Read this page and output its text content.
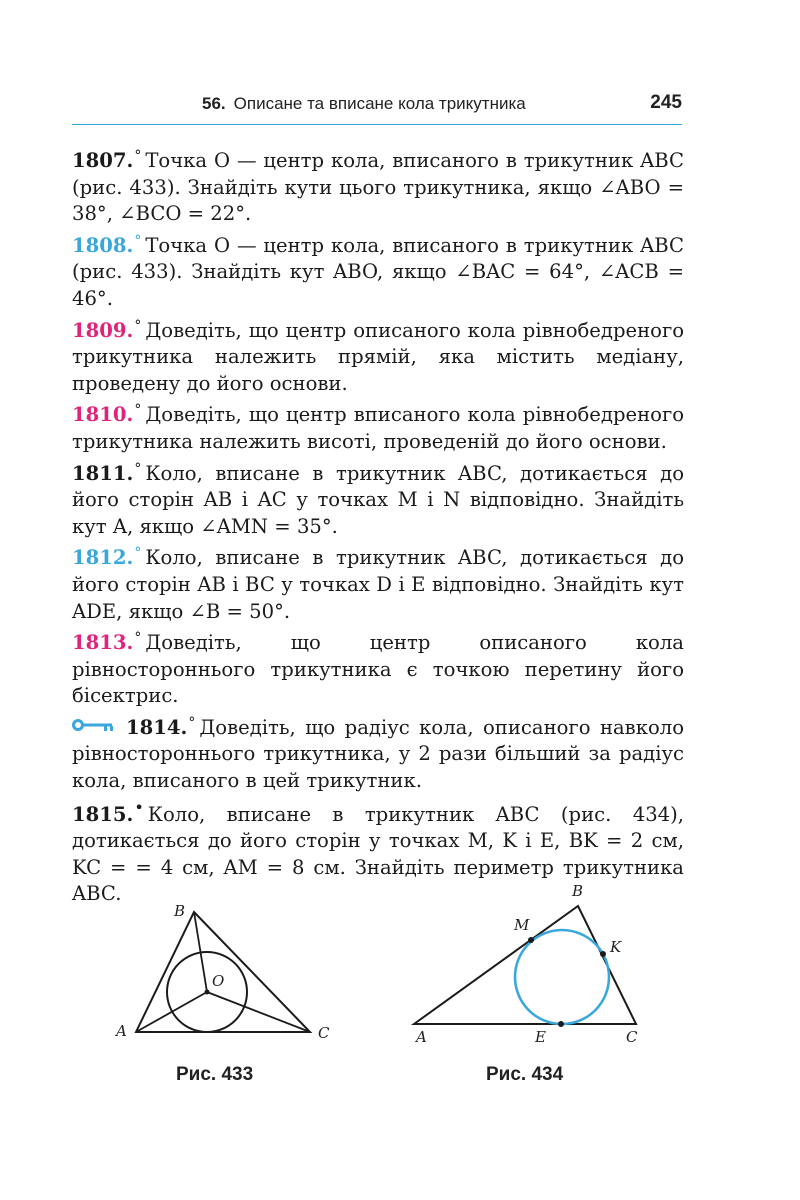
56. Описане та вписане кола трикутника	245

1807.° Точка O — центр кола, вписаного в трикутник ABC (рис. 433). Знайдіть кути цього трикутника, якщо ∠ABO = 38°, ∠BCO = 22°.

1808.° Точка O — центр кола, вписаного в трикутник ABC (рис. 433). Знайдіть кут ABO, якщо ∠BAC = 64°, ∠ACB = 46°.

1809.° Доведіть, що центр описаного кола рівнобедреного трикутника належить прямій, яка містить медіану, проведену до його основи.

1810.° Доведіть, що центр вписаного кола рівнобедреного трикутника належить висоті, проведеній до його основи.

1811.° Коло, вписане в трикутник ABC, дотикається до його сторін AB і AC у точках M і N відповідно. Знайдіть кут A, якщо ∠AMN = 35°.

1812.° Коло, вписане в трикутник ABC, дотикається до його сторін AB і BC у точках D і E відповідно. Знайдіть кут ADE, якщо ∠B = 50°.

1813.° Доведіть, що центр описаного кола рівностороннього трикутника є точкою перетину його бісектрис.

1814.° Доведіть, що радіус кола, описаного навколо рівностороннього трикутника, у 2 рази більший за радіус кола, вписаного в цей трикутник.

1815.• Коло, вписане в трикутник ABC (рис. 434), дотикається до його сторін у точках M, K і E, BK = 2 см, KC = = 4 см, AM = 8 см. Знайдіть периметр трикутника ABC.

B
A	C
O
Рис. 433
B
M
K
A	E	C
Рис. 434
